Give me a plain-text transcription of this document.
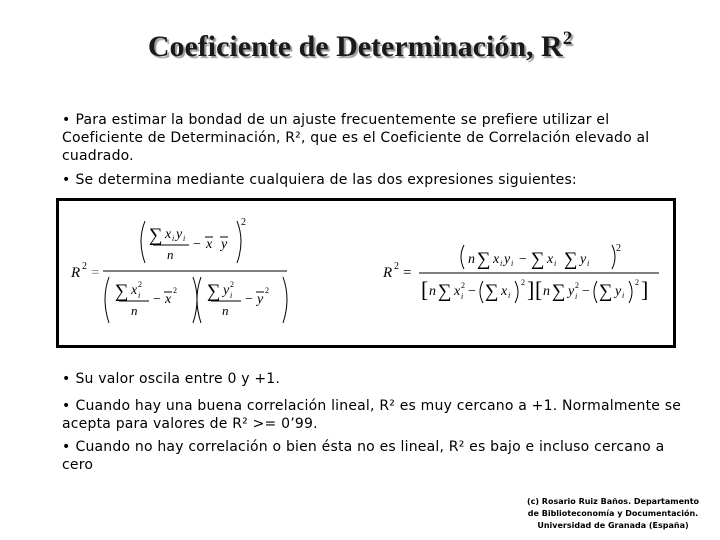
Coeficiente de Determinación, $R^2$
• Para estimar la bondad de un ajuste frecuentemente se prefiere utilizar el Coeficiente de Determinación, R², que es el Coeficiente de Correlación elevado al cuadrado.
• Se determina mediante cualquiera de las dos expresiones siguientes:
R 2 =
2
∑ x i y i
n
− x y
∑ x 2
i
n
− x
2 ∑ y 2
i
n
− y
2
R 2 =
2
n ∑ x i y i − ∑ x i ∑ y i
[ n ∑ x 2
i − ∑ x i
2 ] [ n ∑ y 2
i − ∑ y i
2 ]
• Su valor oscila entre 0 y +1.
• Cuando hay una buena correlación lineal, R² es muy cercano a +1. Normalmente se acepta para valores de R² >= 0’99.
• Cuando no hay correlación o bien ésta no es lineal, R² es bajo e incluso cercano a cero
(c) Rosario Ruiz Baños. Departamento
de Biblioteconomía y Documentación.
Universidad de Granada (España)
